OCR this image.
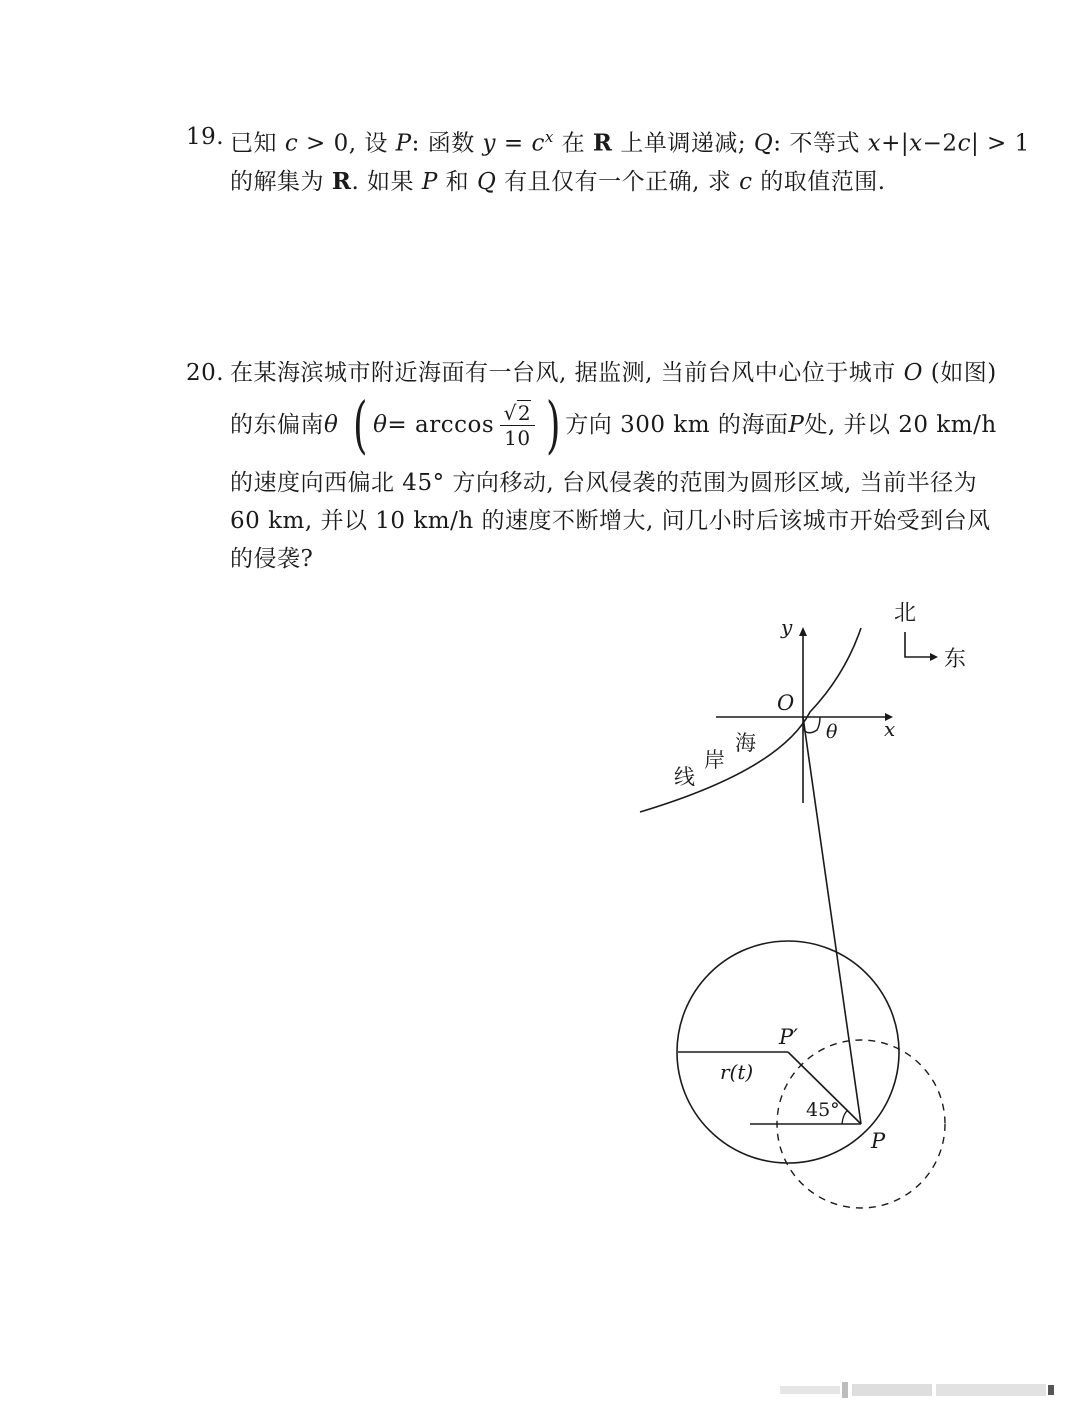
19. 已知 c > 0, 设 P: 函数 $y = c^x$ 在 R 上单调递减; Q: 不等式 x+|x−2c| > 1
的解集为 R. 如果 P 和 Q 有且仅有一个正确, 求 c 的取值范围.
20. 在某海滨城市附近海面有一台风, 据监测, 当前台风中心位于城市 O (如图)
的东偏南 θ ( $\theta = \arccos \frac{√2}{10}$ ) 方向 300 km 的海面 P 处, 并以 20 km/h
的速度向西偏北 45° 方向移动, 台风侵袭的范围为圆形区域, 当前半径为
60 km, 并以 10 km/h 的速度不断增大, 问几小时后该城市开始受到台风
的侵袭?
北
东
y
x
O
海
岸
线
θ
P′
r(t)
45°
P
